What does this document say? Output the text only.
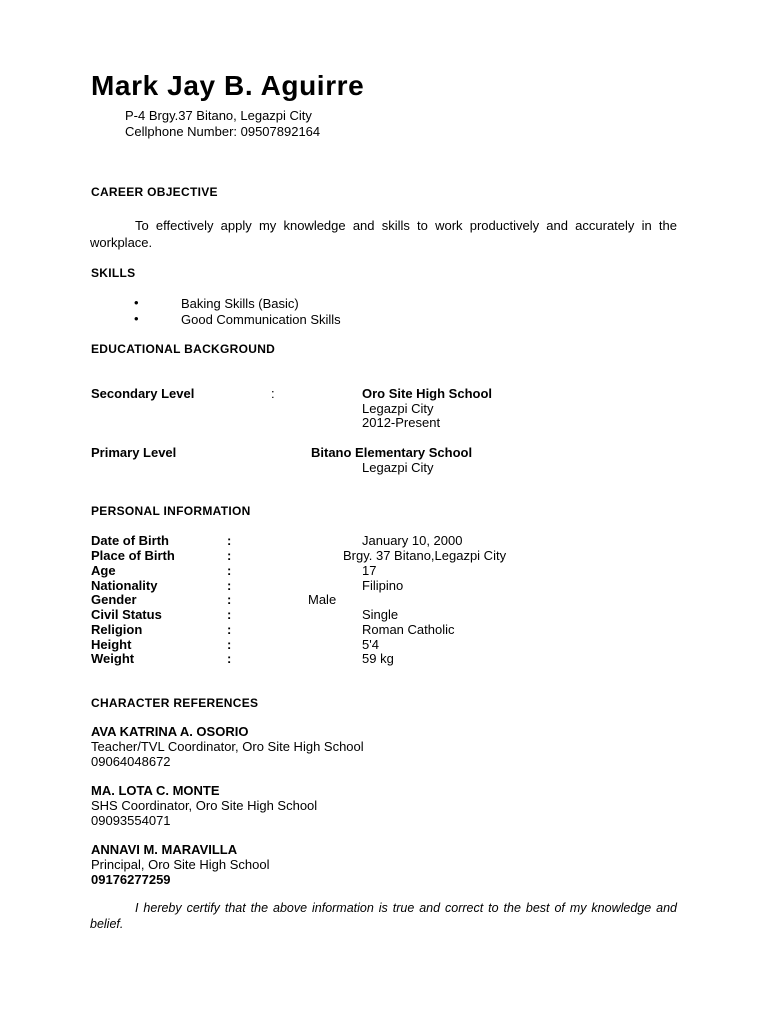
Mark Jay B. Aguirre
P-4 Brgy.37 Bitano, Legazpi City
Cellphone Number: 09507892164
CAREER OBJECTIVE
To effectively apply my knowledge and skills to work productively and accurately in the workplace.
SKILLS
•	Baking Skills (Basic)
•	Good Communication Skills
EDUCATIONAL BACKGROUND
Secondary Level	:	Oro Site High School
Legazpi City
2012-Present
Primary Level	Bitano Elementary School
Legazpi City
PERSONAL INFORMATION
Date of Birth	:	January 10, 2000
Place of Birth	:	Brgy. 37 Bitano,Legazpi City
Age	:	17
Nationality	:	Filipino
Gender	:	Male
Civil Status	:	Single
Religion	:	Roman Catholic
Height	:	5'4
Weight	:	59 kg
CHARACTER REFERENCES
AVA KATRINA A. OSORIO
Teacher/TVL Coordinator, Oro Site High School
09064048672
MA. LOTA C. MONTE
SHS Coordinator, Oro Site High School
09093554071
ANNAVI M. MARAVILLA
Principal, Oro Site High School
09176277259
I hereby certify that the above information is true and correct to the best of my knowledge and belief.
